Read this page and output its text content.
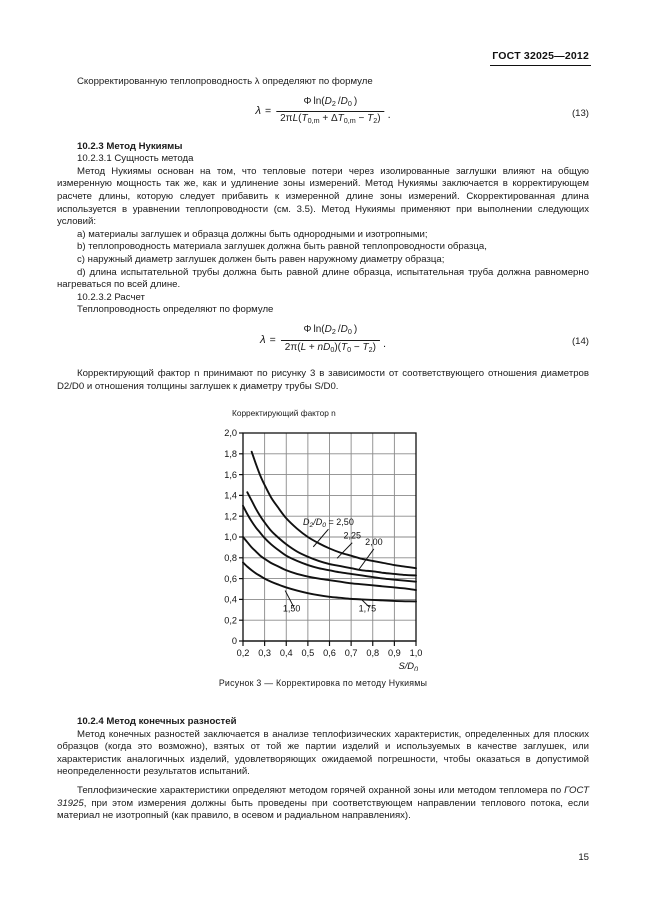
ГОСТ 32025—2012

Скорректированную теплопроводность λ определяют по формуле

$\lambda = \frac{\Phi \ln(D_2 /D_0 )}{2\pi L(T_{0,m} + \Delta T_{0,m} - T_2)}$ .	(13)

10.2.3 Метод Нукиямы

10.2.3.1 Сущность метода

Метод Нукиямы основан на том, что тепловые потери через изолированные заглушки влияют на общую измеренную мощность так же, как и удлинение зоны измерений. Метод Нукиямы заключается в корректирующем расчете длины, которую следует прибавить к измеренной длине зоны измерений. Скорректированная длина используется в уравнении теплопроводности (см. 3.5). Метод Нукиямы применяют при выполнении следующих условий:

a) материалы заглушек и образца должны быть однородными и изотропными;

b) теплопроводность материала заглушек должна быть равной теплопроводности образца,

c) наружный диаметр заглушек должен быть равен наружному диаметру образца;

d) длина испытательной трубы должна быть равной длине образца, испытательная труба должна равномерно нагреваться по всей длине.

10.2.3.2 Расчет

Теплопроводность определяют по формуле

$\lambda = \frac{\Phi \ln(D_2 /D_0 )}{2\pi(L + nD_0)(T_0 - T_2)}$ .	(14)

Корректирующий фактор n принимают по рисунку 3 в зависимости от соответствующего отношения диаметров D2/D0 и отношения толщины заглушек к диаметру трубы S/D0.

Корректирующий фактор n
0
0,2
0,4
0,6
0,8
1,0
1,2
1,4
1,6
1,8
2,0
0,2 0,3 0,4 0,5 0,6 0,7 0,8 0,9 1,0
$S/D_0$
$D_2/D_0 = 2,50$
2,25
2,00
1,50	1,75
Рисунок 3 — Корректировка по методу Нукиямы

10.2.4 Метод конечных разностей

Метод конечных разностей заключается в анализе теплофизических характеристик, определенных для плоских образцов (когда это возможно), взятых от той же партии изделий и используемых в качестве заглушек, или характеристик аналогичных изделий, удовлетворяющих ожидаемой погрешности, чтобы оказаться в допустимой неопределенности результатов испытаний.

Теплофизические характеристики определяют методом горячей охранной зоны или методом тепломера по ГОСТ 31925, при этом измерения должны быть проведены при соответствующем направлении теплового потока, если материал не изотропный (как правило, в осевом и радиальном направлениях).

15
